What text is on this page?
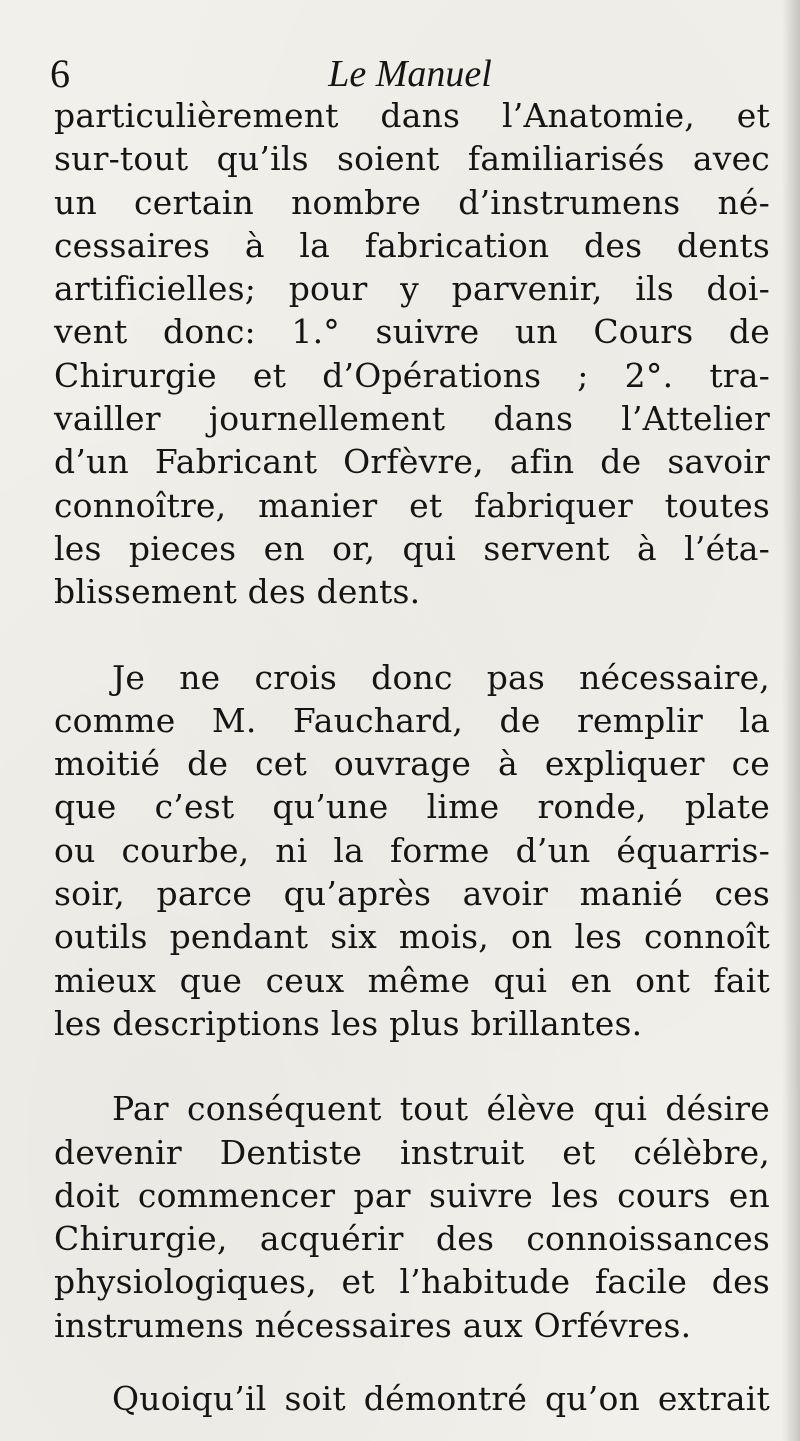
6	Le Manuel
particulièrement dans l’Anatomie, et
sur-tout qu’ils soient familiarisés avec
un certain nombre d’instrumens né-
cessaires à la fabrication des dents
artificielles; pour y parvenir, ils doi-
vent donc: 1.° suivre un Cours de
Chirurgie et d’Opérations ; 2°. tra-
vailler journellement dans l’Attelier
d’un Fabricant Orfèvre, afin de savoir
connoître, manier et fabriquer toutes
les pieces en or, qui servent à l’éta-
blissement des dents.
Je ne crois donc pas nécessaire,
comme M. Fauchard, de remplir la
moitié de cet ouvrage à expliquer ce
que c’est qu’une lime ronde, plate
ou courbe, ni la forme d’un équarris-
soir, parce qu’après avoir manié ces
outils pendant six mois, on les connoît
mieux que ceux même qui en ont fait
les descriptions les plus brillantes.
Par conséquent tout élève qui désire
devenir Dentiste instruit et célèbre,
doit commencer par suivre les cours en
Chirurgie, acquérir des connoissances
physiologiques, et l’habitude facile des
instrumens nécessaires aux Orfévres.
Quoiqu’il soit démontré qu’on extrait
